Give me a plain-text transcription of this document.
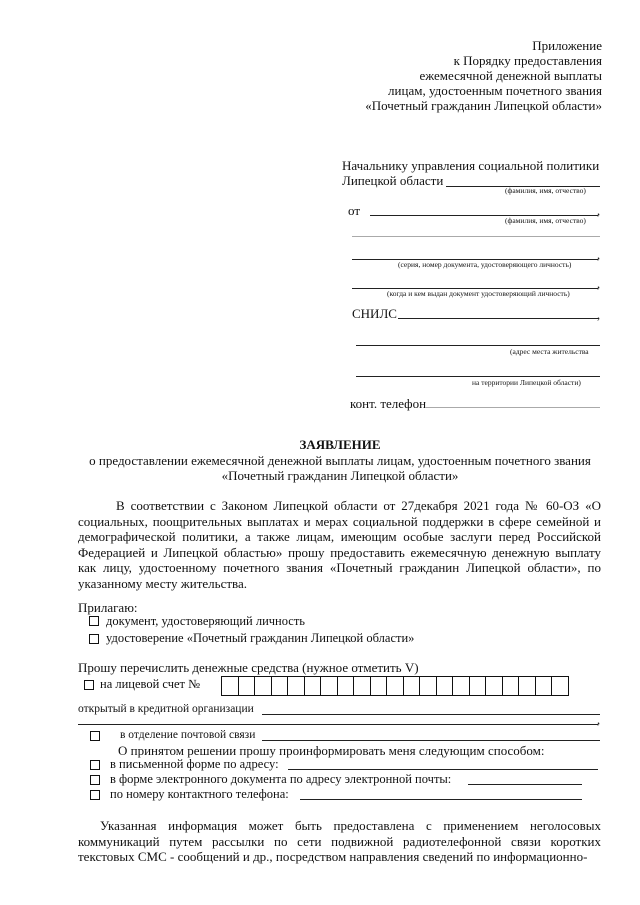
Приложение
к Порядку предоставления
ежемесячной денежной выплаты
лицам, удостоенным почетного звания
«Почетный гражданин Липецкой области»
Начальнику управления социальной политики
Липецкой области
(фамилия, имя, отчество)
от	,
(фамилия, имя, отчество)
,
(серия, номер документа, удостоверяющего личность)
,
(когда и кем выдан документ удостоверяющий личность)
СНИЛС	,
(адрес места жительства
на территории Липецкой области)
конт. телефон
ЗАЯВЛЕНИЕ
о предоставлении ежемесячной денежной выплаты лицам, удостоенным почетного звания
«Почетный гражданин Липецкой области»
В соответствии с Законом Липецкой области от 27декабря 2021 года № 60-ОЗ «О социальных, поощрительных выплатах и мерах социальной поддержки в сфере семейной и демографической политики, а также лицам, имеющим особые заслуги перед Российской Федерацией и Липецкой областью» прошу предоставить ежемесячную денежную выплату как лицу, удостоенному почетного звания «Почетный гражданин Липецкой области», по указанному месту жительства.
Прилагаю:
документ, удостоверяющий личность
удостоверение «Почетный гражданин Липецкой области»
Прошу перечислить денежные средства (нужное отметить V)
на лицевой счет №
открытый в кредитной организации
,
в отделение почтовой связи
О принятом решении прошу проинформировать меня следующим способом:
в письменной форме по адресу:
в форме электронного документа по адресу электронной почты:
по номеру контактного телефона:
Указанная информация может быть предоставлена с применением неголосовых коммуникаций путем рассылки по сети подвижной радиотелефонной связи коротких текстовых СМС - сообщений и др., посредством направления сведений по информационно-
